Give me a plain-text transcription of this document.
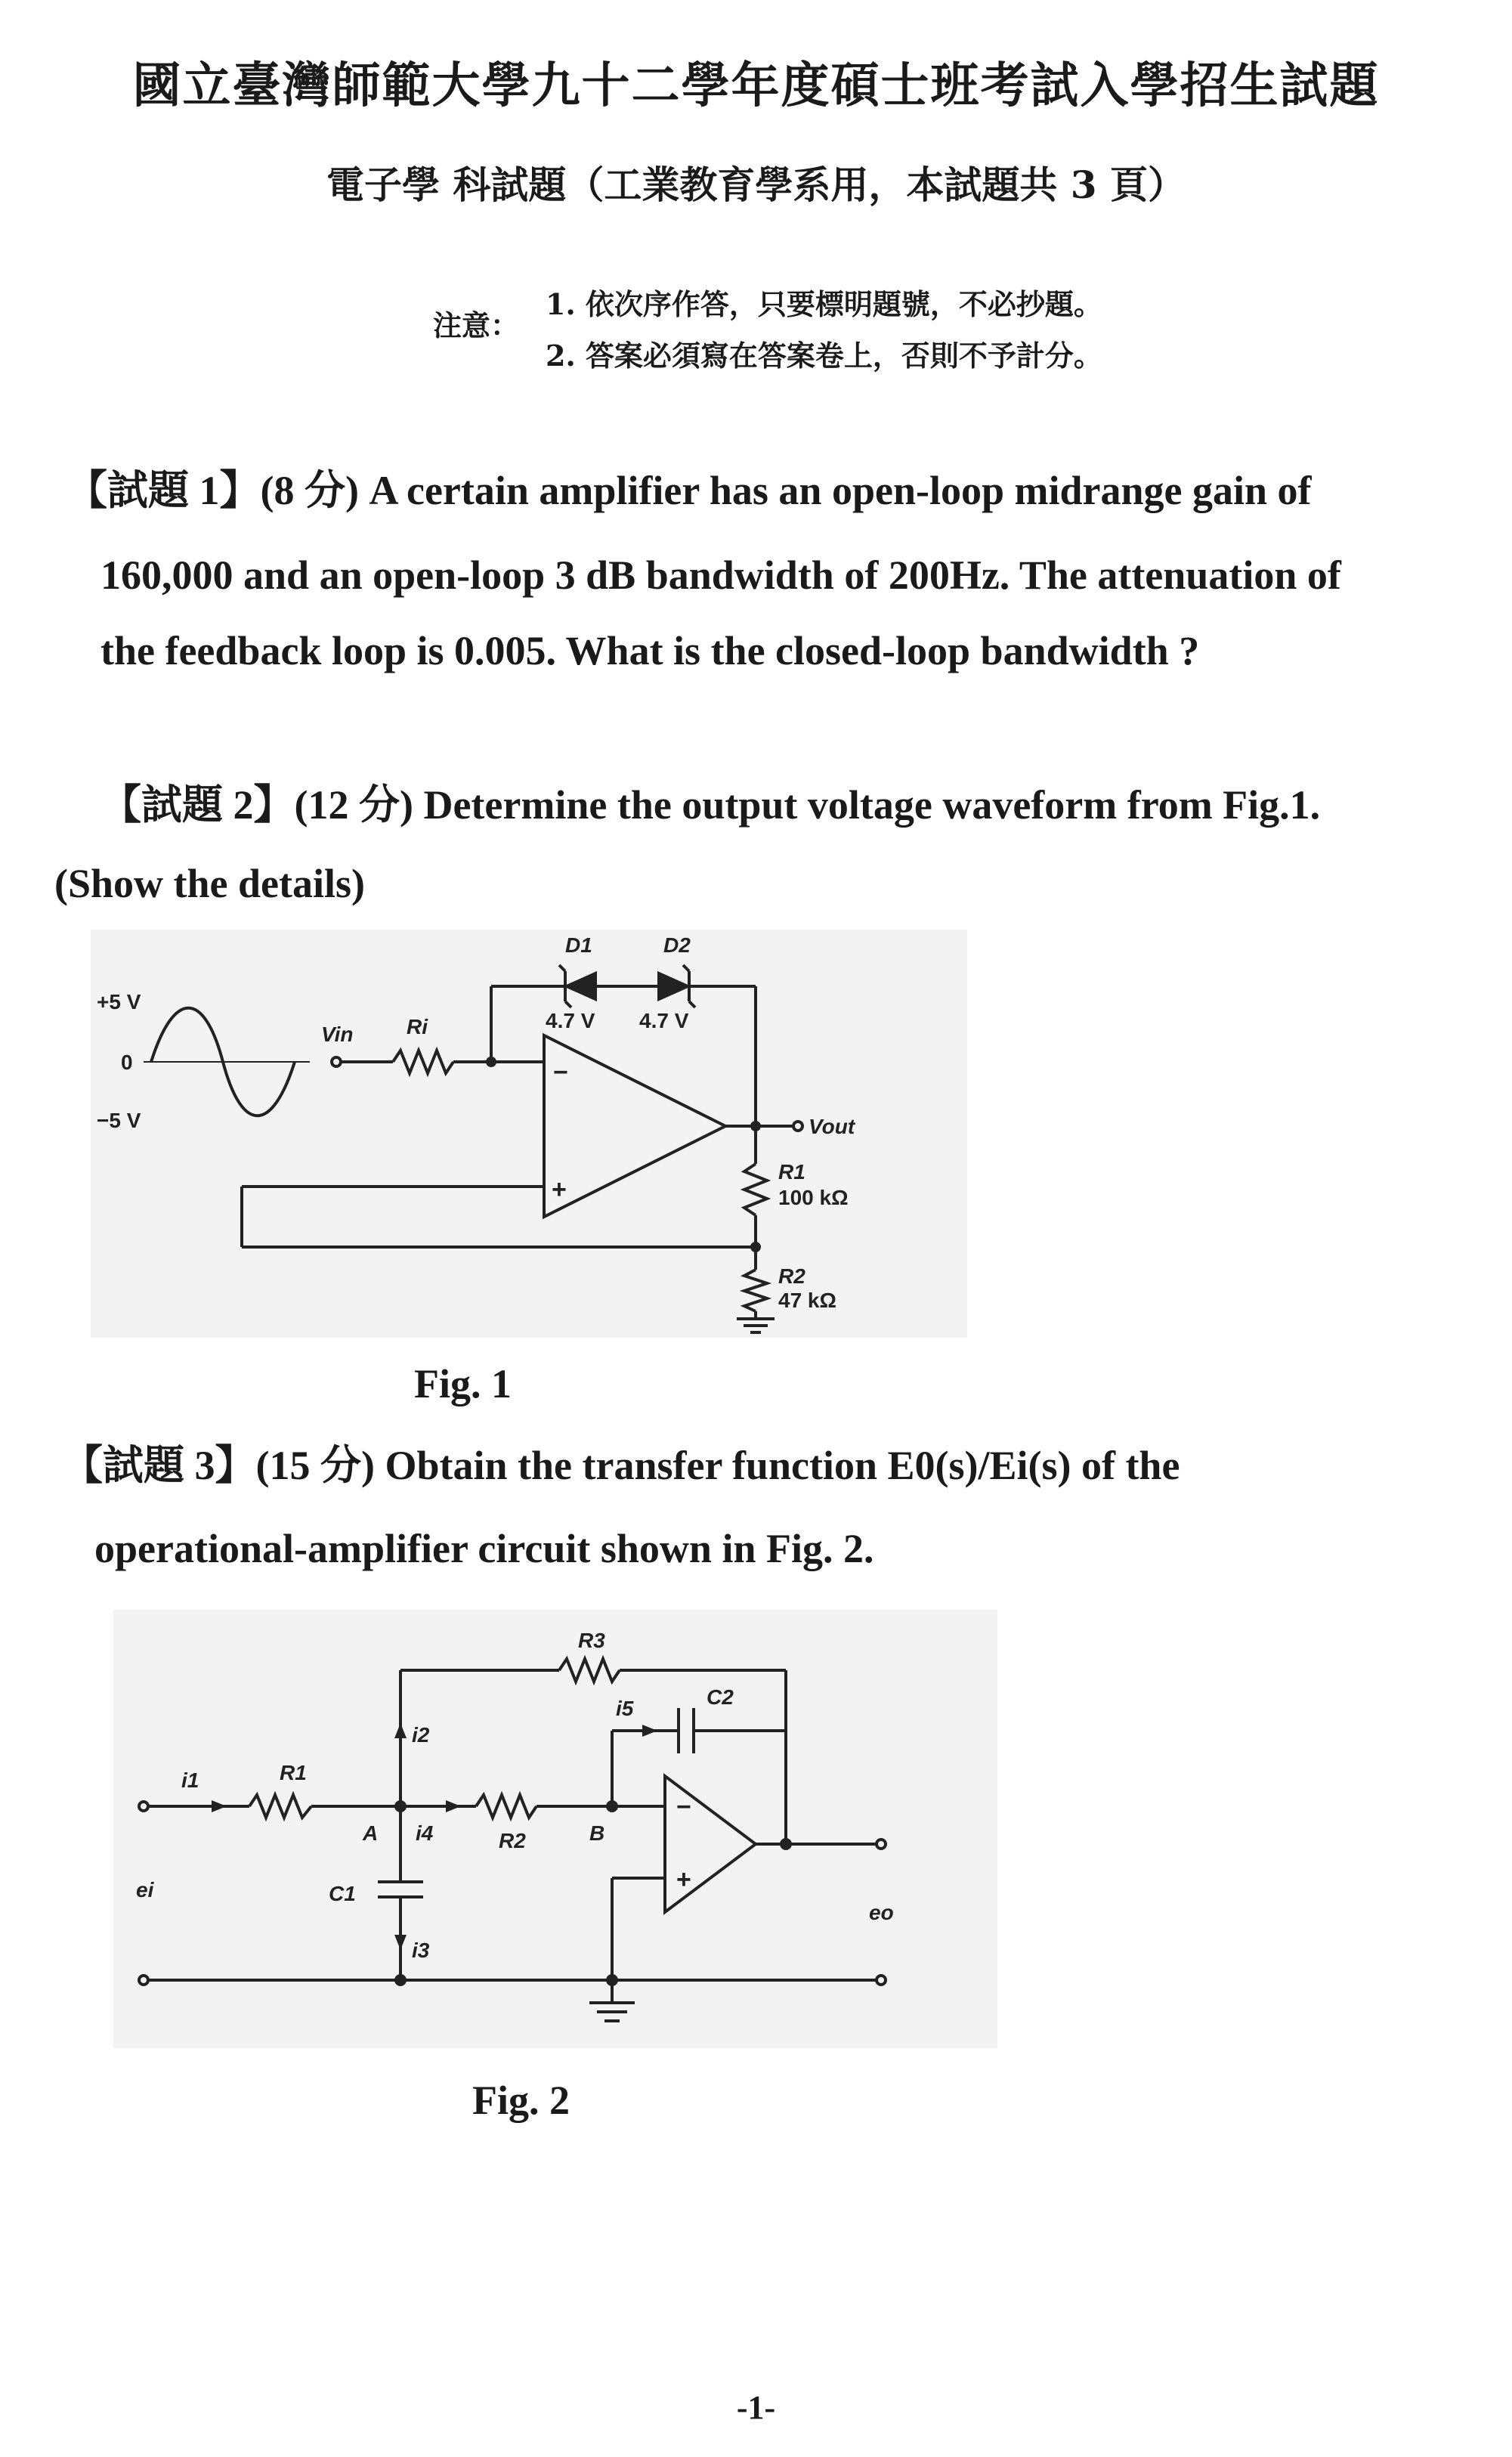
國立臺灣師範大學九十二學年度碩士班考試入學招生試題
電子學 科試題（工業教育學系用，本試題共 3 頁）
注意：
1. 依次序作答，只要標明題號，不必抄題。
2. 答案必須寫在答案卷上，否則不予計分。
【試題 1】(8 分) A certain amplifier has an open-loop midrange gain of
160,000 and an open-loop 3 dB bandwidth of 200Hz. The attenuation of
the feedback loop is 0.005. What is the closed-loop bandwidth ?
【試題 2】(12 分) Determine the output voltage waveform from Fig.1.
(Show the details)
+5 V
0
−5 V
Vin	Ri
D1	D2
4.7 V 4.7 V
Vout
−
+
R1
100 kΩ
R2
47 kΩ
Fig. 1
【試題 3】(15 分) Obtain the transfer function E0(s)/Ei(s) of the
operational-amplifier circuit shown in Fig. 2.
i1	R1
i2
R3
i5	C2
A i4	R2	B
C1
i3
ei
eo
−
+
Fig. 2
-1-
